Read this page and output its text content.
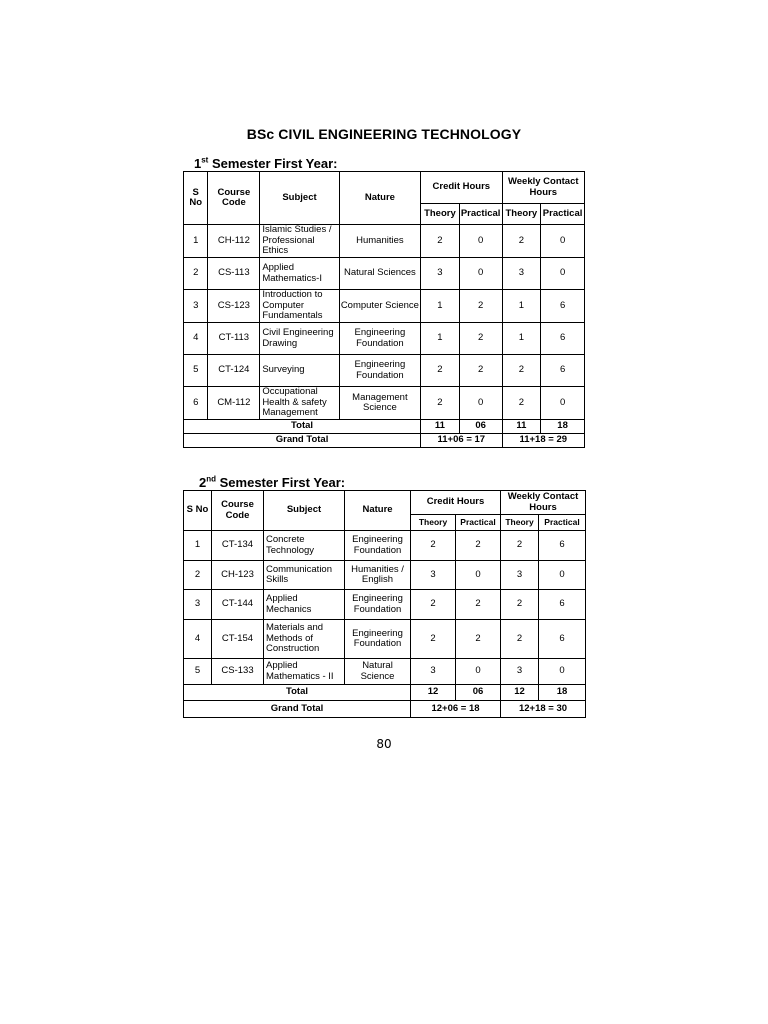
BSc CIVIL ENGINEERING TECHNOLOGY
1st Semester First Year:
S No	Course Code	Subject	Nature	Credit Hours		Weekly Contact Hours	
				Theory	Practical	Theory	Practical
1	CH-112	Islamic Studies / Professional Ethics	Humanities	2	0	2	0
2	CS-113	Applied Mathematics-I	Natural Sciences	3	0	3	0
3	CS-123	Introduction to Computer Fundamentals	Computer Science	1	2	1	6
4	CT-113	Civil Engineering Drawing	Engineering Foundation	1	2	1	6
5	CT-124	Surveying	Engineering Foundation	2	2	2	6
6	CM-112	Occupational Health & safety Management	Management Science	2	0	2	0
Total				11	06	11	18
Grand Total				11+06 = 17		11+18 = 29	
2nd Semester First Year:
S No	Course Code	Subject	Nature	Credit Hours		Weekly Contact Hours	
				Theory	Practical	Theory	Practical
1	CT-134	Concrete Technology	Engineering Foundation	2	2	2	6
2	CH-123	Communication Skills	Humanities / English	3	0	3	0
3	CT-144	Applied Mechanics	Engineering Foundation	2	2	2	6
4	CT-154	Materials and Methods of Construction	Engineering Foundation	2	2	2	6
5	CS-133	Applied Mathematics - II	Natural Science	3	0	3	0
Total				12	06	12	18
Grand Total				12+06 = 18		12+18 = 30	
80
